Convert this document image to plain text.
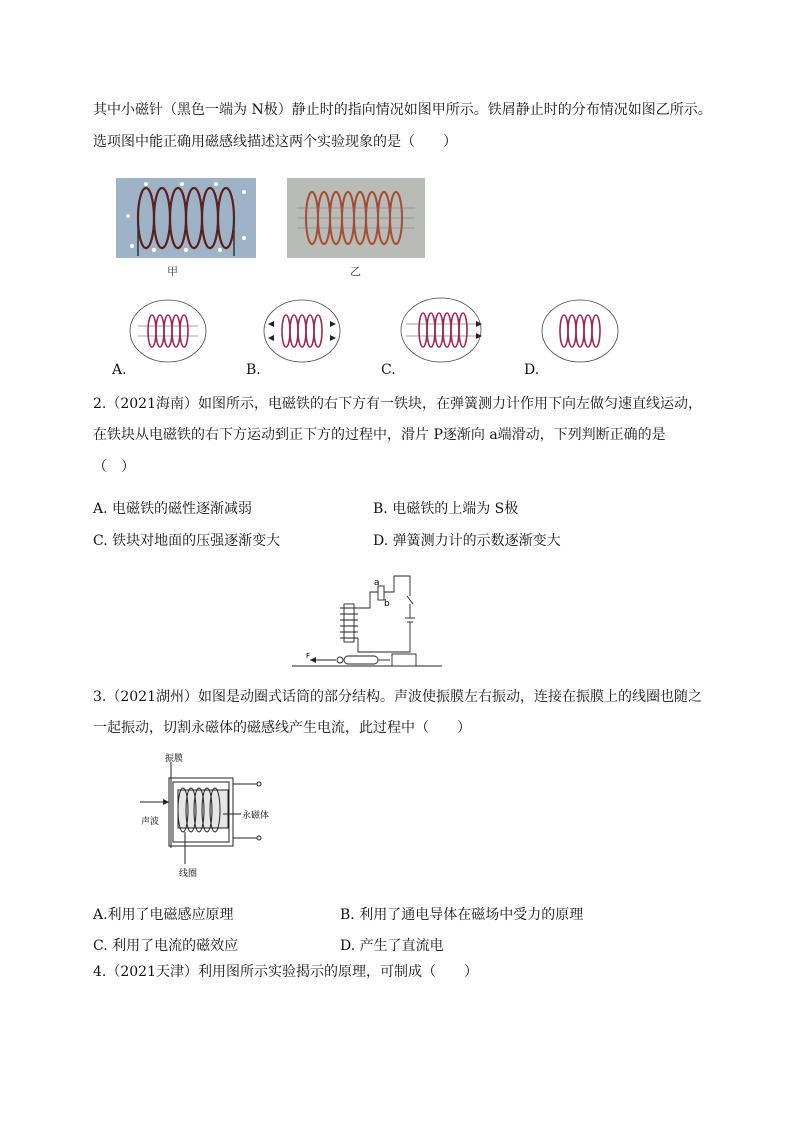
其中小磁针（黑色一端为 N极）静止时的指向情况如图甲所示。铁屑静止时的分布情况如图乙所示。
选项图中能正确用磁感线描述这两个实验现象的是（　　）
甲	乙
A.	B.	C.	D.
2.（2021海南）如图所示，电磁铁的右下方有一铁块，在弹簧测力计作用下向左做匀速直线运动，
在铁块从电磁铁的右下方运动到正下方的过程中，滑片 P逐渐向 a端滑动，下列判断正确的是
（　）
A. 电磁铁的磁性逐渐减弱	B. 电磁铁的上端为 S极
C. 铁块对地面的压强逐渐变大	D. 弹簧测力计的示数逐渐变大
a
b
F
3.（2021湖州）如图是动圈式话筒的部分结构。声波使振膜左右振动，连接在振膜上的线圈也随之
一起振动，切割永磁体的磁感线产生电流，此过程中（　　）
振膜
声波
永磁体
线圈
A.利用了电磁感应原理	B. 利用了通电导体在磁场中受力的原理
C. 利用了电流的磁效应	D. 产生了直流电
4.（2021天津）利用图所示实验揭示的原理，可制成（　　）
